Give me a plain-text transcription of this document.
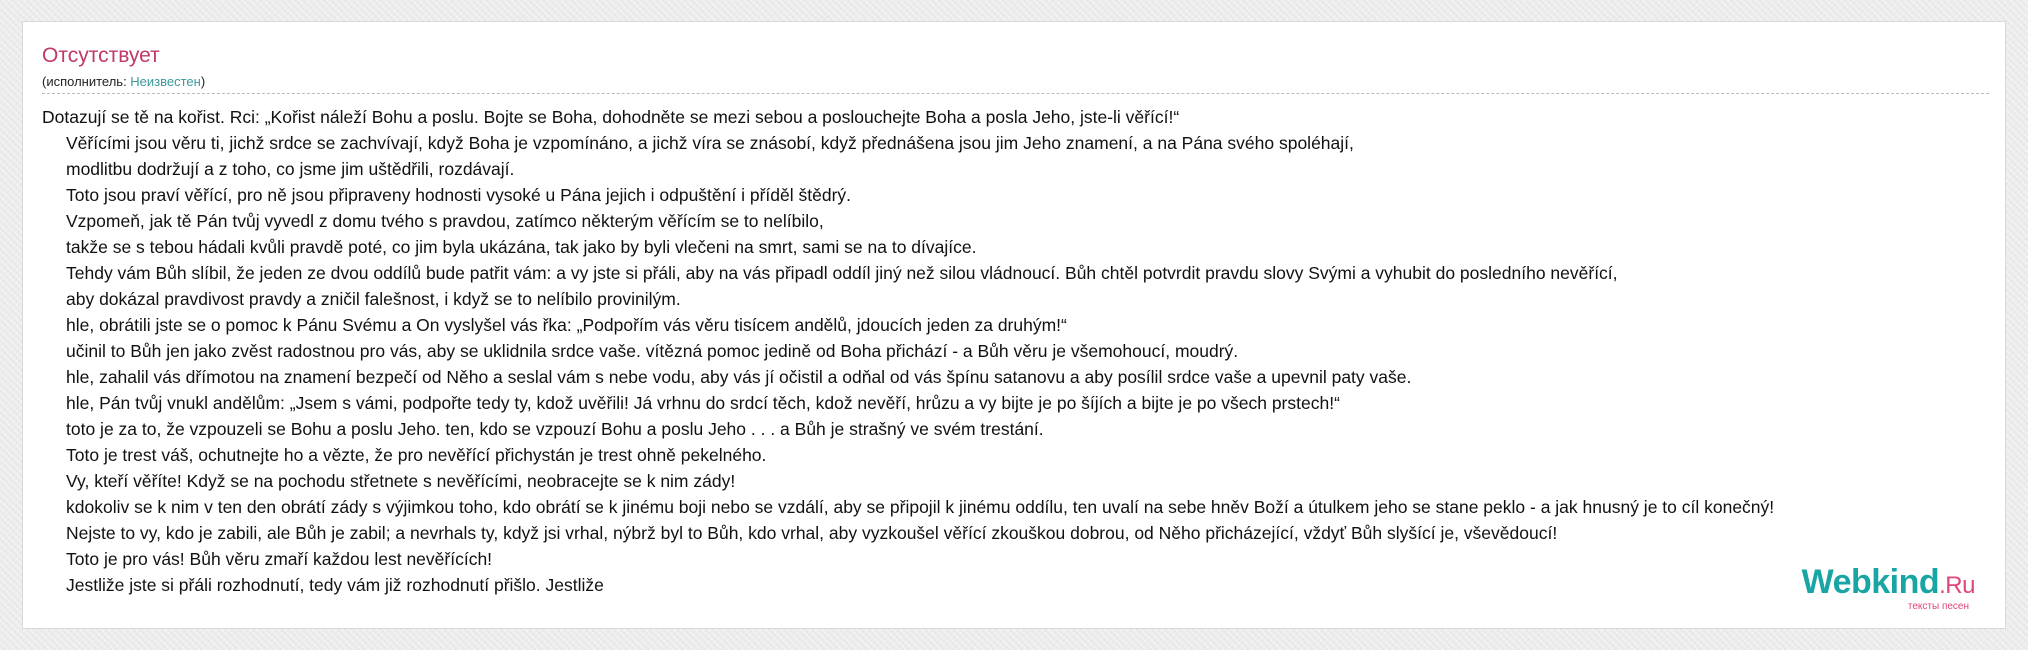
Отсутствует
(исполнитель: Неизвестен)
Dotazují se tě na kořist. Rci: „Kořist náleží Bohu a poslu. Bojte se Boha, dohodněte se mezi sebou a poslouchejte Boha a posla Jeho, jste-li věřící!“
Věřícími jsou věru ti, jichž srdce se zachvívají, když Boha je vzpomínáno, a jichž víra se znásobí, když přednášena jsou jim Jeho znamení, a na Pána svého spoléhají,
modlitbu dodržují a z toho, co jsme jim uštědřili, rozdávají.
Toto jsou praví věřící, pro ně jsou připraveny hodnosti vysoké u Pána jejich i odpuštění i příděl štědrý.
Vzpomeň, jak tě Pán tvůj vyvedl z domu tvého s pravdou, zatímco některým věřícím se to nelíbilo,
takže se s tebou hádali kvůli pravdě poté, co jim byla ukázána, tak jako by byli vlečeni na smrt, sami se na to dívajíce.
Tehdy vám Bůh slíbil, že jeden ze dvou oddílů bude patřit vám: a vy jste si přáli, aby na vás připadl oddíl jiný než silou vládnoucí. Bůh chtěl potvrdit pravdu slovy Svými a vyhubit do posledního nevěřící,
aby dokázal pravdivost pravdy a zničil falešnost, i když se to nelíbilo provinilým.
hle, obrátili jste se o pomoc k Pánu Svému a On vyslyšel vás řka: „Podpořím vás věru tisícem andělů, jdoucích jeden za druhým!“
učinil to Bůh jen jako zvěst radostnou pro vás, aby se uklidnila srdce vaše. vítězná pomoc jedině od Boha přichází - a Bůh věru je všemohoucí, moudrý.
hle, zahalil vás dřímotou na znamení bezpečí od Něho a seslal vám s nebe vodu, aby vás jí očistil a odňal od vás špínu satanovu a aby posílil srdce vaše a upevnil paty vaše.
hle, Pán tvůj vnukl andělům: „Jsem s vámi, podpořte tedy ty, kdož uvěřili! Já vrhnu do srdcí těch, kdož nevěří, hrůzu a vy bijte je po šíjích a bijte je po všech prstech!“
toto je za to, že vzpouzeli se Bohu a poslu Jeho. ten, kdo se vzpouzí Bohu a poslu Jeho . . . a Bůh je strašný ve svém trestání.
Toto je trest váš, ochutnejte ho a vězte, že pro nevěřící přichystán je trest ohně pekelného.
Vy, kteří věříte! Když se na pochodu střetnete s nevěřícími, neobracejte se k nim zády!
kdokoliv se k nim v ten den obrátí zády s výjimkou toho, kdo obrátí se k jinému boji nebo se vzdálí, aby se připojil k jinému oddílu, ten uvalí na sebe hněv Boží a útulkem jeho se stane peklo - a jak hnusný je to cíl konečný!
Nejste to vy, kdo je zabili, ale Bůh je zabil; a nevrhals ty, když jsi vrhal, nýbrž byl to Bůh, kdo vrhal, aby vyzkoušel věřící zkouškou dobrou, od Něho přicházející, vždyť Bůh slyšící je, vševědoucí!
Toto je pro vás! Bůh věru zmaří každou lest nevěřících!
Jestliže jste si přáli rozhodnutí, tedy vám již rozhodnutí přišlo. Jestliže	Webkind.Ru
тексты песен
